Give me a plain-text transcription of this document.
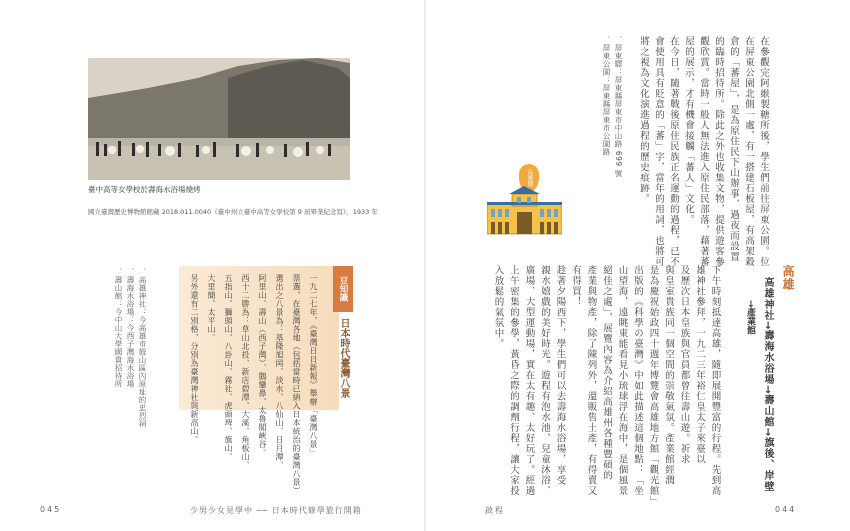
臺中高等女學校於壽海水浴場燒烤
國立臺灣歷史博物館館藏 2018.011.0040《臺中州立臺中高等女學校第 9 屆畢業紀念寫》，1933 年
．高雄神社：今高雄市鼓山區內原址的忠烈祠
．壽海水浴場：今西子灣海水浴場
．壽山館：今中山大學國貴招待所	豆知識
日本時代臺灣八景
一九二七年，《臺灣日日新報》舉辦「臺灣八景」
票選，在臺灣各地（包括當時已納入日本統治的臺灣八景）
選出之八景為：基隆旭岡、淡水、八仙山、日月潭、
阿里山、壽山（西子灣）、鵝鑾鼻、太魯閣峽谷。
西十二勝為：草山北投、新店碧潭、大溪、角板山、
五指山、獅頭山、八卦山、霧社、虎頭埤、旗山、
大里簡、太平山。
另外還有二別格，分別為臺灣神社與新高山。
045	少男少女見學中 ── 日本時代修學旅行開箱
在參觀完阿緱製糖所後，學生們前往屏東公園。位
在屏東公園北側一處，有一搭建石板屋，有高架穀
倉的「蕃屋」，是為原住民下山辦事，過夜而設置
的臨時招待所。除此之外也收集文物，提供遊客參
觀欣賞。當時一般人無法進入原住民部落，藉著蕃
屋的展示，才有機會接觸「蕃人」文化。
在今日，隨著戰後原住民族正名運動的過程，已不
會使用具有貶意的「蕃」字，當年的用詞，也將可
將之視為文化演進過程的歷史痕跡。
．屏東驛：屏東縣屏東市中山路 699 號
．屏東公園：屏東縣屏東市公園路
高雄驛
高雄
高雄神社→壽海水浴場→壽山館→旗後、岸壁
→產業館
下午時刻抵達高雄，隨即展開豐富的行程。先到高
雄神社參拜，一九二三年裕仁皇太子來臺以
及歷次日本皇族與官員都曾往壽山遊。祈求
與皇室貴族同一個空間的崇敬氣氛。產業館經潤
是為慶祝始政四十週年博覽會高雄地方館「觀光館」
出版的《科學の臺灣》中如此描述這個地點：「坐
山望海，遠眺東能看見小琉球浮在海中，是個風景
絕佳之處」，展覽內容為介紹高雄州各種豐碩的
產業與物產，除了陳列外，還販售土產，有得賣又
有得買！
趁著夕陽西下，學生們可以去壽海水浴場，享受
親水嬉戲的美好時光。遊程有泡水池、兒童沐浴、
廣場、大型運動場，實在太有趣、太好玩了。經過
上午密集的參學，黃昏之際的調劑行程，讓大家投
入放鬆的氣氛中。
啟程	044
